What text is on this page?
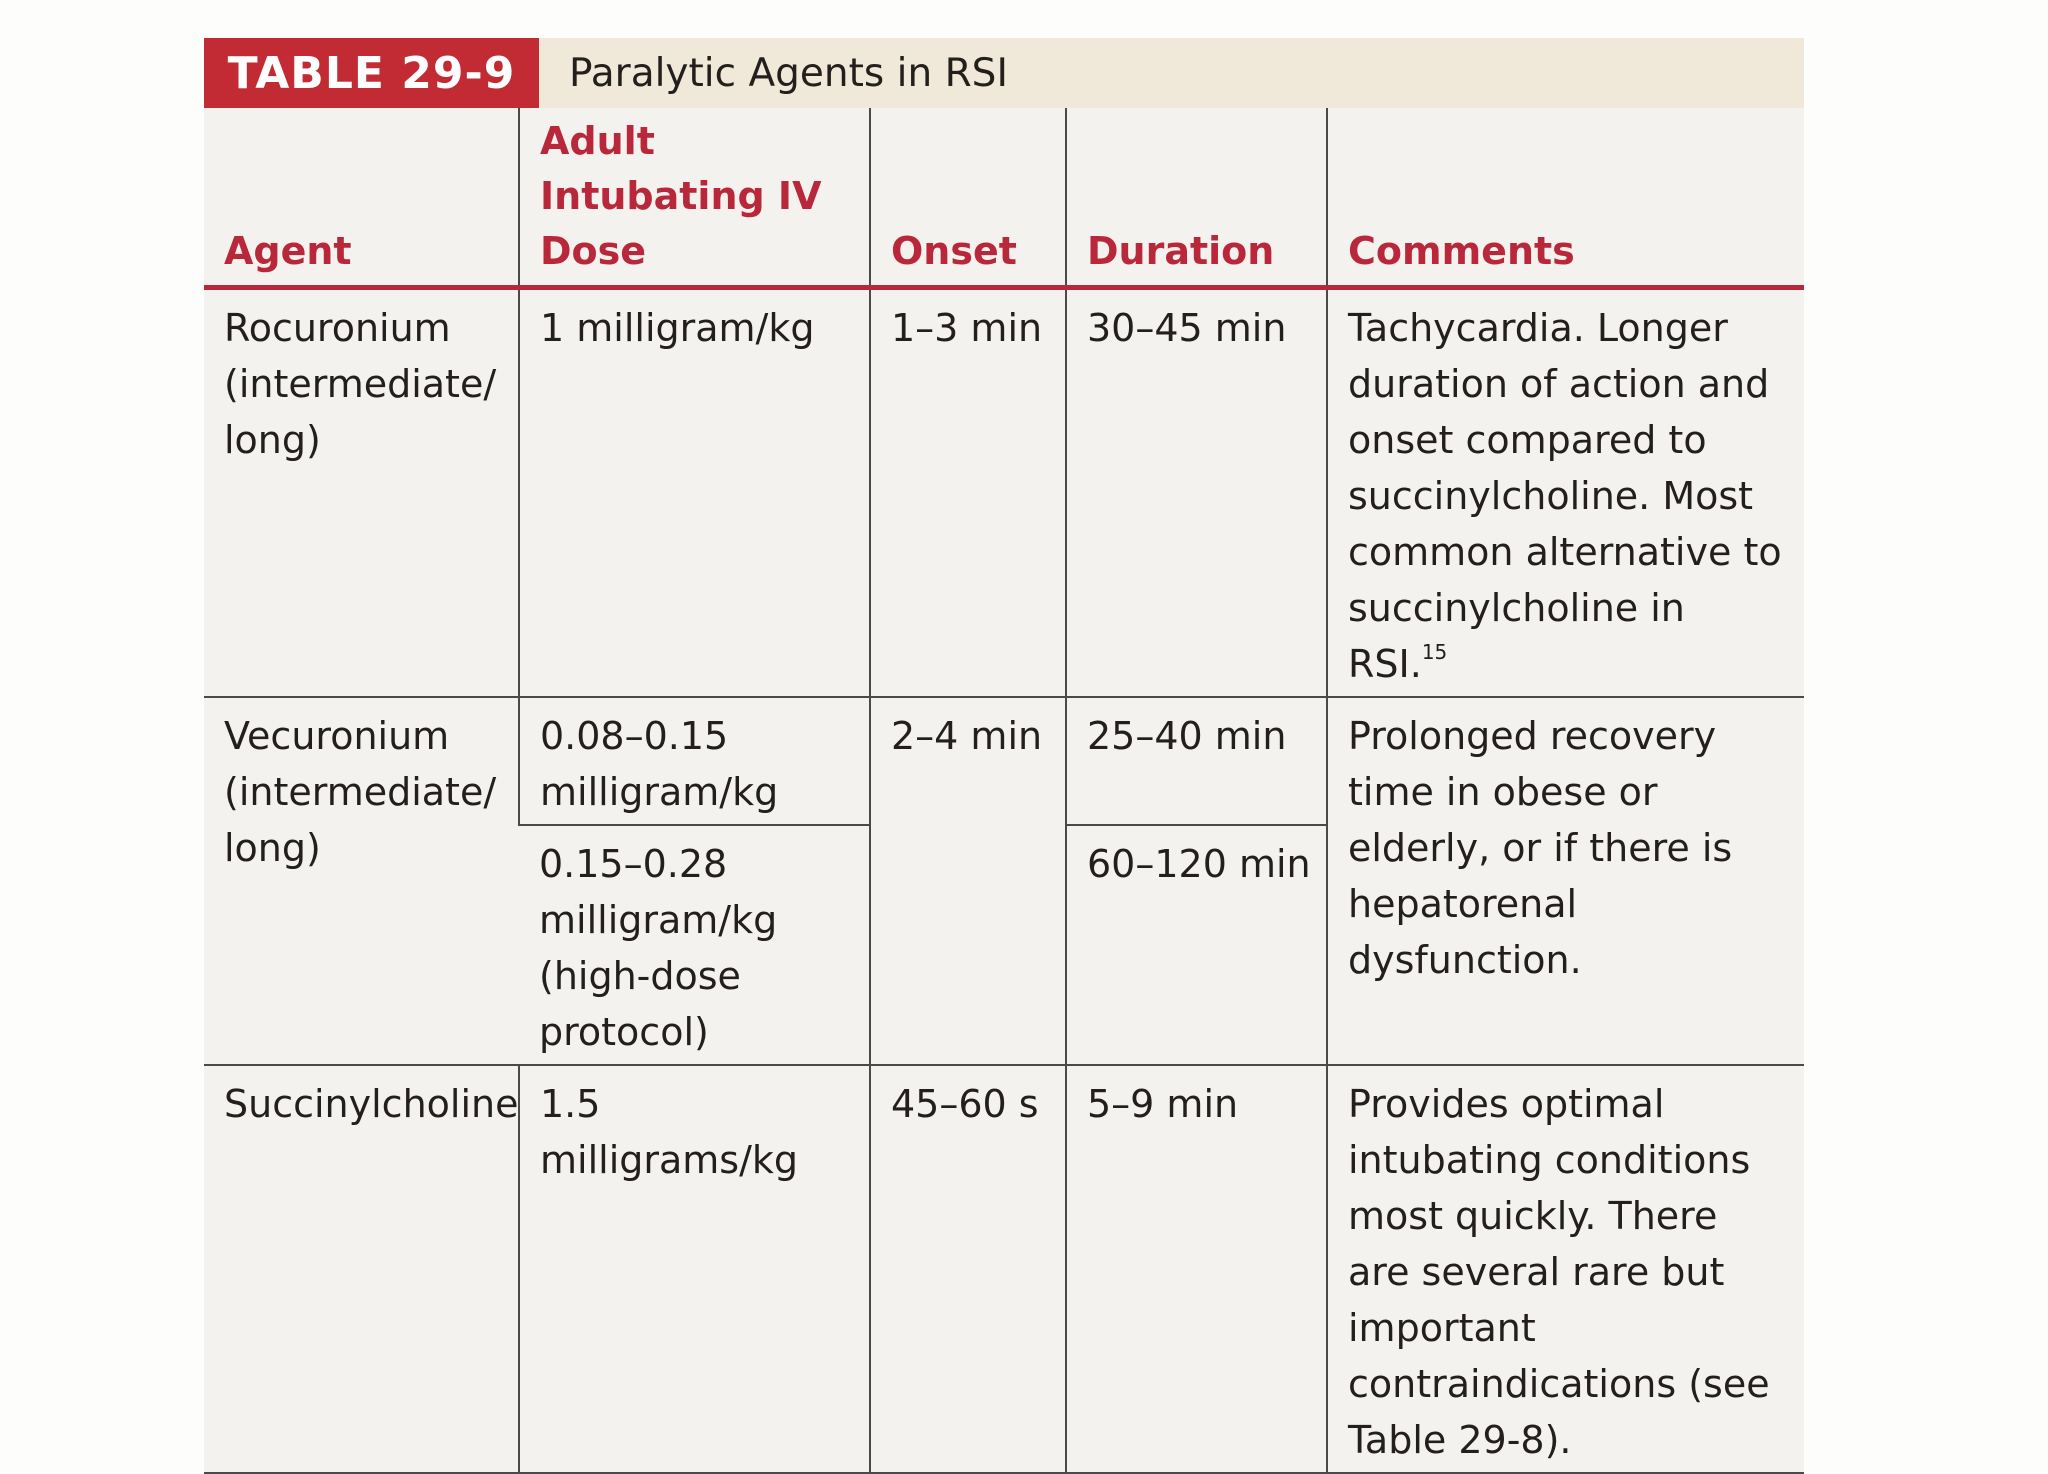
TABLE 29-9	Paralytic Agents in RSI
Agent	Adult Intubating IV Dose	Onset	Duration	Comments
Rocuronium (intermediate/ long)	1 milligram/kg	1–3 min	30–45 min	Tachycardia. Longer duration of action and onset compared to succinylcholine. Most common alternative to succinylcholine in RSI.$^{15}$
Vecuronium (intermediate/ long)	0.08–0.15 milligram/kg	2–4 min	25–40 min	Prolonged recovery time in obese or elderly, or if there is hepatorenal dysfunction.
	0.15–0.28 milligram/kg (high-dose protocol)		60–120 min	
Succinylcholine	1.5 milligrams/kg	45–60 s	5–9 min	Provides optimal intubating conditions most quickly. There are several rare but important contraindications (see Table 29-8).
